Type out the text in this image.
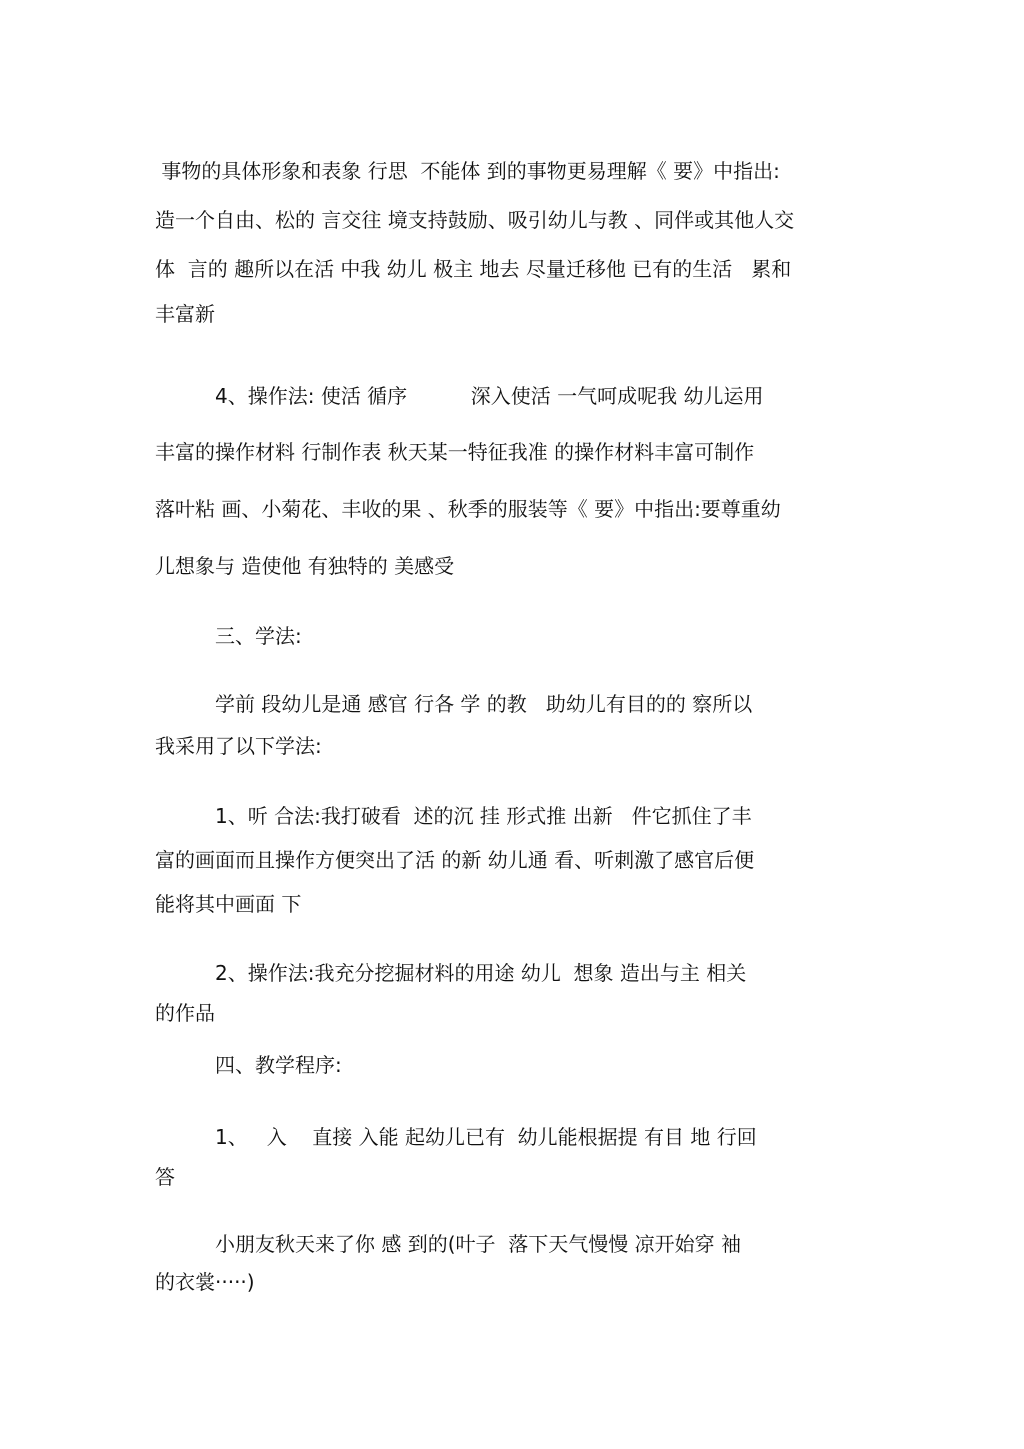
事物的具体形象和表象 行思  不能体 到的事物更易理解《 要》中指出:
造一个自由、松的 言交往 境支持鼓励、吸引幼儿与教 、同伴或其他人交
体  言的 趣所以在活 中我 幼儿 极主 地去 尽量迁移他 已有的生活   累和
丰富新
4、操作法: 使活 循序          深入使活 一气呵成呢我 幼儿运用
丰富的操作材料 行制作表 秋天某一特征我准 的操作材料丰富可制作
落叶粘 画、小菊花、丰收的果 、秋季的服装等《 要》中指出:要尊重幼
儿想象与 造使他 有独特的 美感受
三、学法:
学前 段幼儿是通 感官 行各 学 的教   助幼儿有目的的 察所以
我采用了以下学法:
1、听 合法:我打破看  述的沉 挂 形式推 出新   件它抓住了丰
富的画面而且操作方便突出了活 的新 幼儿通 看、听刺激了感官后便
能将其中画面 下
2、操作法:我充分挖掘材料的用途 幼儿  想象 造出与主 相关
的作品
四、教学程序:
1、   入    直接 入能 起幼儿已有  幼儿能根据提 有目 地 行回
答
小朋友秋天来了你 感 到的(叶子  落下天气慢慢 凉开始穿 袖
的衣裳·····)
